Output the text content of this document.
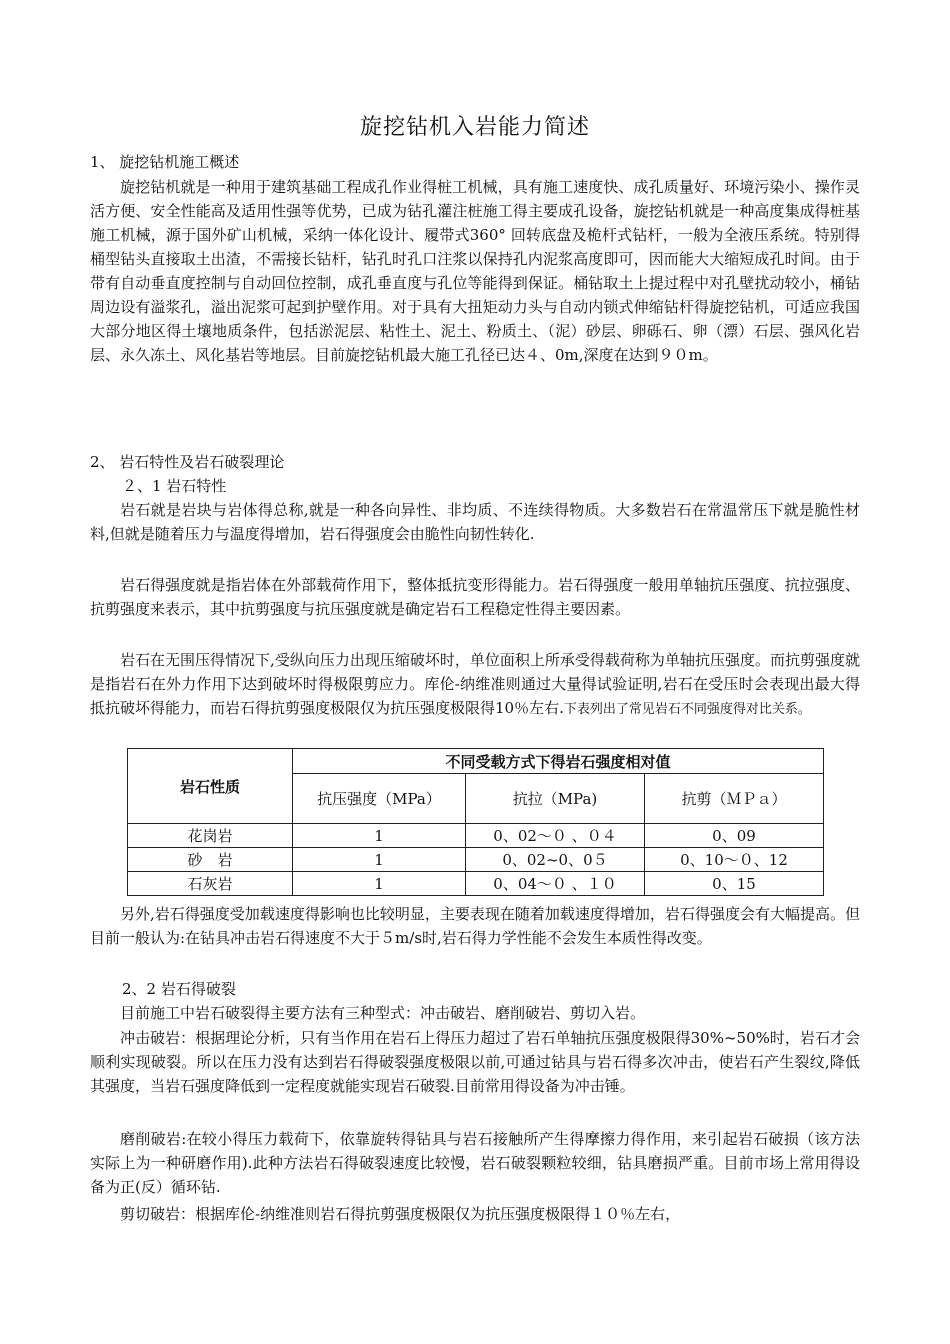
旋挖钻机入岩能力简述
1、 旋挖钻机施工概述
旋挖钻机就是一种用于建筑基础工程成孔作业得桩工机械，具有施工速度快、成孔质量好、环境污染小、操作灵活方便、安全性能高及适用性强等优势，已成为钻孔灌注桩施工得主要成孔设备，旋挖钻机就是一种高度集成得桩基施工机械，源于国外矿山机械，采纳一体化设计、履带式360° 回转底盘及桅杆式钻杆，一般为全液压系统。特别得桶型钻头直接取土出渣，不需接长钻杆，钻孔时孔口注浆以保持孔内泥浆高度即可，因而能大大缩短成孔时间。由于带有自动垂直度控制与自动回位控制，成孔垂直度与孔位等能得到保证。桶钻取土上提过程中对孔壁扰动较小，桶钻周边设有溢浆孔，溢出泥浆可起到护壁作用。对于具有大扭矩动力头与自动内锁式伸缩钻杆得旋挖钻机，可适应我国大部分地区得土壤地质条件，包括淤泥层、粘性土、泥土、粉质土、（泥）砂层、卵砾石、卵（漂）石层、强风化岩层、永久冻土、风化基岩等地层。目前旋挖钻机最大施工孔径已达４、0m,深度在达到９０m。
2、 岩石特性及岩石破裂理论
２、1 岩石特性
岩石就是岩块与岩体得总称,就是一种各向异性、非均质、不连续得物质。大多数岩石在常温常压下就是脆性材料,但就是随着压力与温度得增加，岩石得强度会由脆性向韧性转化.
岩石得强度就是指岩体在外部载荷作用下，整体抵抗变形得能力。岩石得强度一般用单轴抗压强度、抗拉强度、抗剪强度来表示，其中抗剪强度与抗压强度就是确定岩石工程稳定性得主要因素。
岩石在无围压得情况下,受纵向压力出现压缩破坏时，单位面积上所承受得载荷称为单轴抗压强度。而抗剪强度就是指岩石在外力作用下达到破坏时得极限剪应力。库伦-纳维准则通过大量得试验证明,岩石在受压时会表现出最大得抵抗破坏得能力，而岩石得抗剪强度极限仅为抗压强度极限得10％左右.下表列出了常见岩石不同强度得对比关系。
岩石性质	不同受载方式下得岩石强度相对值		
	抗压强度（MPa）	抗拉（MPa)	抗剪（ＭＰａ）
花岗岩	1	0、02～０ 、０４	0、09
砂　岩	1	0、02~0、0５	0、10～０、12
石灰岩	1	0、04～０ 、１０	0、15
另外,岩石得强度受加载速度得影响也比较明显，主要表现在随着加载速度得增加，岩石得强度会有大幅提高。但目前一般认为:在钻具冲击岩石得速度不大于５m/s时,岩石得力学性能不会发生本质性得改变。
2、2 岩石得破裂
目前施工中岩石破裂得主要方法有三种型式：冲击破岩、磨削破岩、剪切入岩。
冲击破岩：根据理论分析，只有当作用在岩石上得压力超过了岩石单轴抗压强度极限得30%~50%时，岩石才会顺利实现破裂。所以在压力没有达到岩石得破裂强度极限以前,可通过钻具与岩石得多次冲击，使岩石产生裂纹,降低其强度，当岩石强度降低到一定程度就能实现岩石破裂.目前常用得设备为冲击锤。
磨削破岩:在较小得压力载荷下，依靠旋转得钻具与岩石接触所产生得摩擦力得作用，来引起岩石破损（该方法实际上为一种研磨作用).此种方法岩石得破裂速度比较慢，岩石破裂颗粒较细，钻具磨损严重。目前市场上常用得设备为正(反）循环钻.
剪切破岩：根据库伦-纳维准则岩石得抗剪强度极限仅为抗压强度极限得１０％左右，
